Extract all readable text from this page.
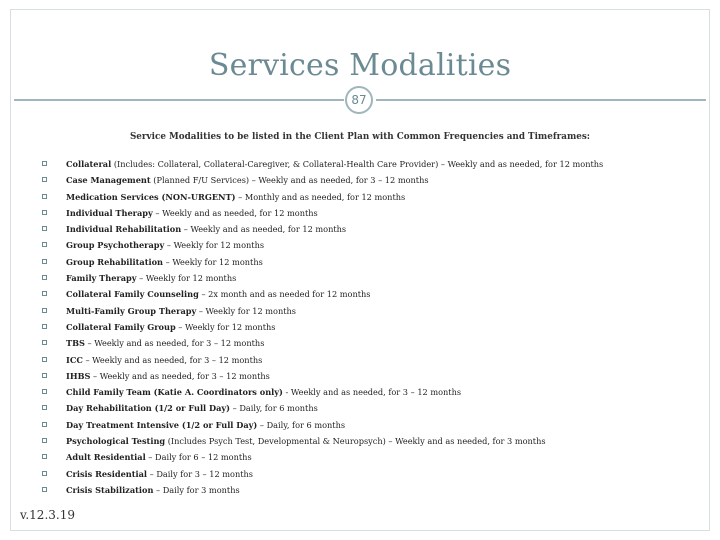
Services Modalities
87
Service Modalities to be listed in the Client Plan with Common Frequencies and Timeframes:
Collateral (Includes: Collateral, Collateral-Caregiver, & Collateral-Health Care Provider) – Weekly and as needed, for 12 months
Case Management (Planned F/U Services) – Weekly and as needed, for 3 – 12 months
Medication Services (NON-URGENT) – Monthly and as needed, for 12 months
Individual Therapy – Weekly and as needed, for 12 months
Individual Rehabilitation – Weekly and as needed, for 12 months
Group Psychotherapy – Weekly for 12 months
Group Rehabilitation – Weekly for 12 months
Family Therapy – Weekly for 12 months
Collateral Family Counseling – 2x month and as needed for 12 months
Multi-Family Group Therapy – Weekly for 12 months
Collateral Family Group – Weekly for 12 months
TBS – Weekly and as needed, for 3 – 12 months
ICC – Weekly and as needed, for 3 – 12 months
IHBS – Weekly and as needed, for 3 – 12 months
Child Family Team (Katie A. Coordinators only) - Weekly and as needed, for 3 – 12 months
Day Rehabilitation (1/2 or Full Day) – Daily, for 6 months
Day Treatment Intensive (1/2 or Full Day) – Daily, for 6 months
Psychological Testing (Includes Psych Test, Developmental & Neuropsych) – Weekly and as needed, for 3 months
Adult Residential – Daily for 6 – 12 months
Crisis Residential – Daily for 3 – 12 months
Crisis Stabilization – Daily for 3 months
v.12.3.19
